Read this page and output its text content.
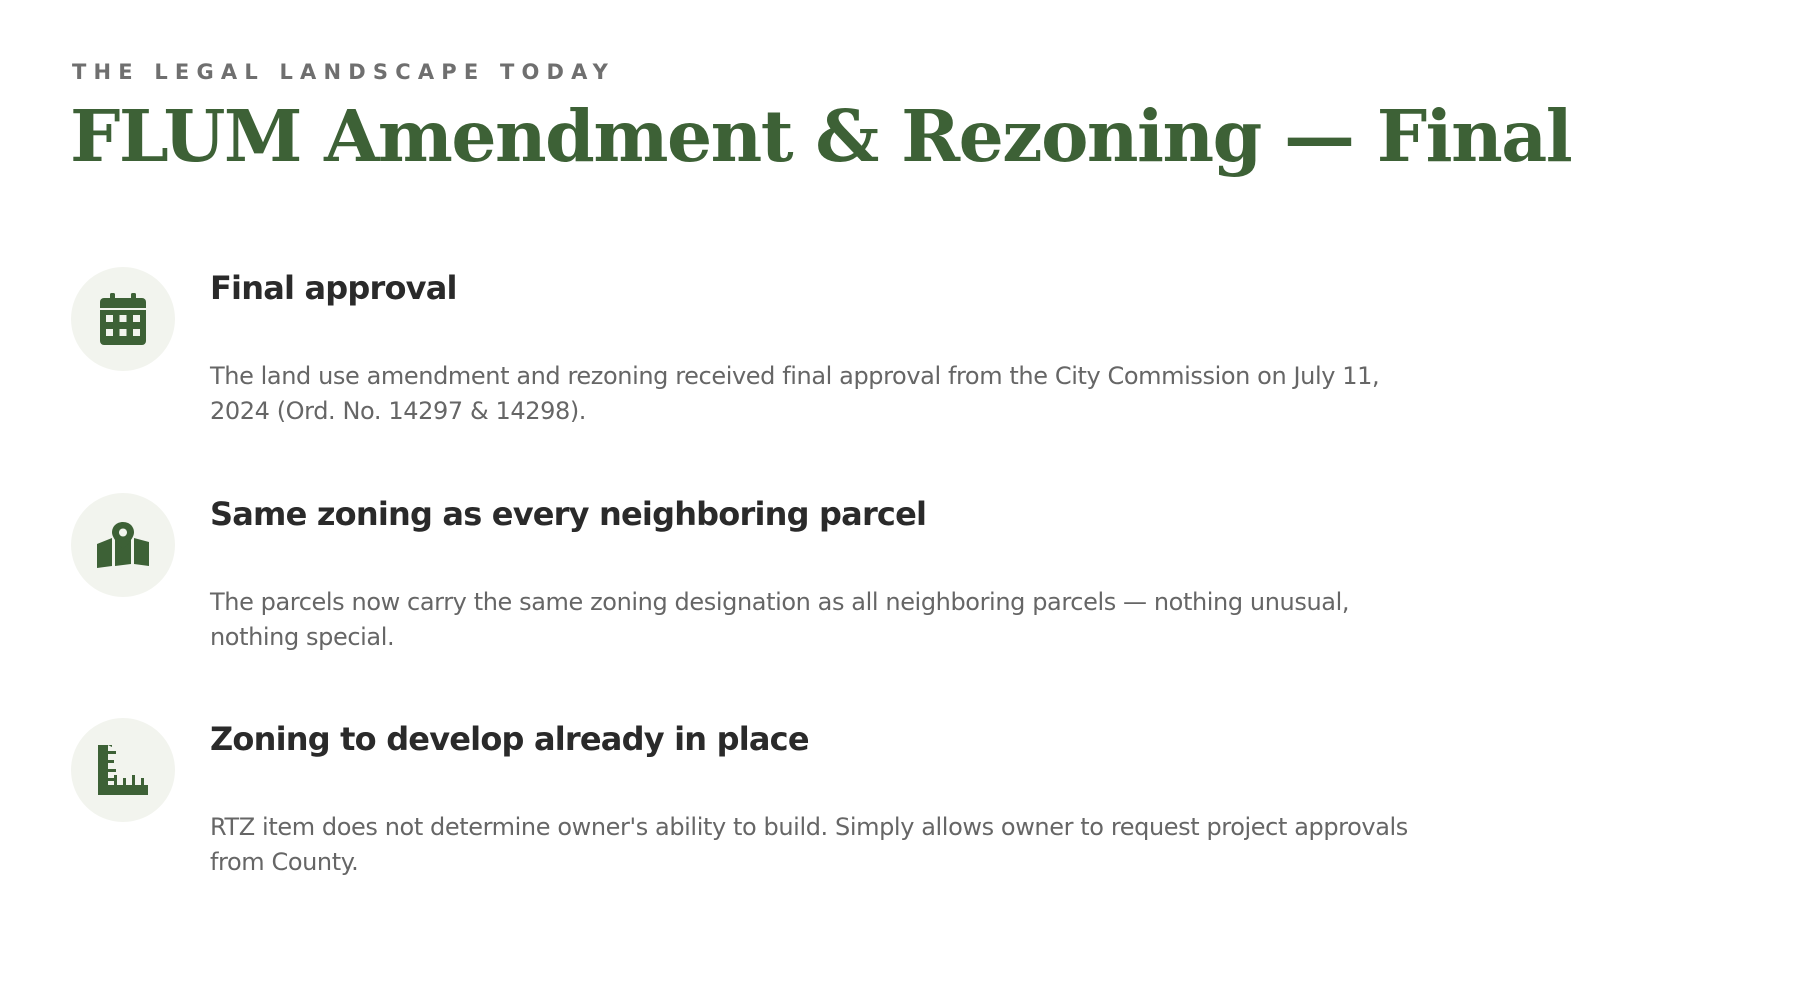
THE LEGAL LANDSCAPE TODAY
FLUM Amendment & Rezoning — Final
Final approval
The land use amendment and rezoning received final approval from the City Commission on July 11, 2024 (Ord. No. 14297 & 14298).
Same zoning as every neighboring parcel
The parcels now carry the same zoning designation as all neighboring parcels — nothing unusual, nothing special.
Zoning to develop already in place
RTZ item does not determine owner's ability to build. Simply allows owner to request project approvals from County.
